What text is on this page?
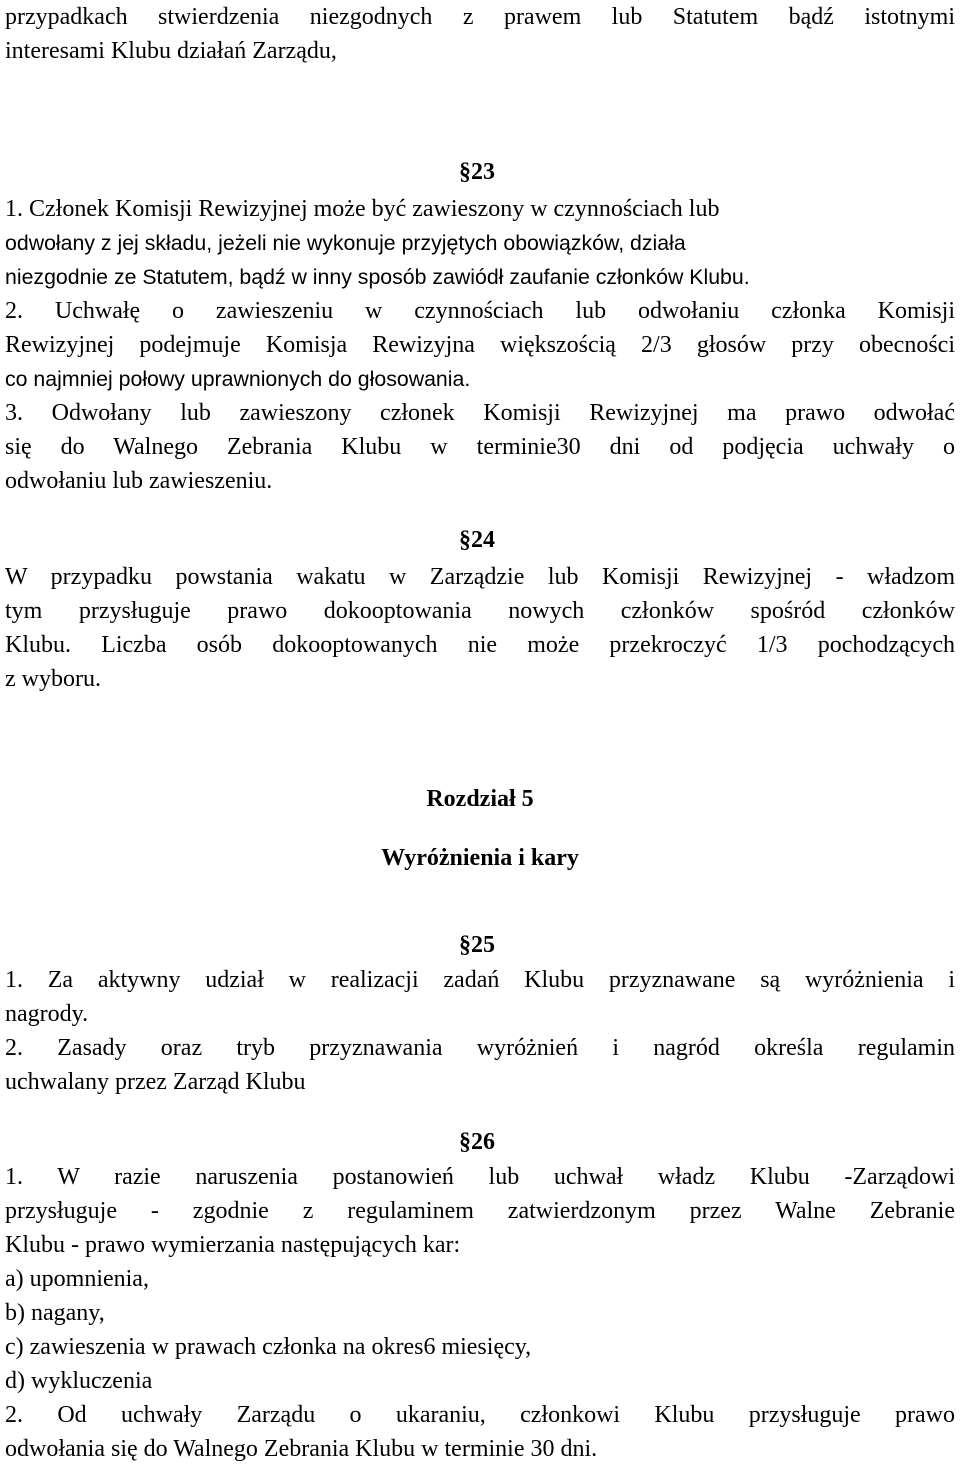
przypadkach stwierdzenia niezgodnych z prawem lub Statutem bądź istotnymi
interesami Klubu działań Zarządu,
§23
1. Członek Komisji Rewizyjnej może być zawieszony w czynnościach lub
odwołany z jej składu, jeżeli nie wykonuje przyjętych obowiązków, działa
niezgodnie ze Statutem, bądź w inny sposób zawiódł zaufanie członków Klubu.
2. Uchwałę o zawieszeniu w czynnościach lub odwołaniu członka Komisji
Rewizyjnej podejmuje Komisja Rewizyjna większością 2/3 głosów przy obecności
co najmniej połowy uprawnionych do głosowania.
3. Odwołany lub zawieszony członek Komisji Rewizyjnej ma prawo odwołać
się do Walnego Zebrania Klubu w terminie30 dni od podjęcia uchwały o
odwołaniu lub zawieszeniu.
§24
W przypadku powstania wakatu w Zarządzie lub Komisji Rewizyjnej - władzom
tym przysługuje prawo dokooptowania nowych członków spośród członków
Klubu. Liczba osób dokooptowanych nie może przekroczyć 1/3 pochodzących
z wyboru.
Rozdział 5
Wyróżnienia i kary
§25
1. Za aktywny udział w realizacji zadań Klubu przyznawane są wyróżnienia i
nagrody.
2. Zasady oraz tryb przyznawania wyróżnień i nagród określa regulamin
uchwalany przez Zarząd Klubu
§26
1. W razie naruszenia postanowień lub uchwał władz Klubu -Zarządowi
przysługuje - zgodnie z regulaminem zatwierdzonym przez Walne Zebranie
Klubu - prawo wymierzania następujących kar:
a) upomnienia,
b) nagany,
c) zawieszenia w prawach członka na okres6 miesięcy,
d) wykluczenia
2. Od uchwały Zarządu o ukaraniu, członkowi Klubu przysługuje prawo
odwołania się do Walnego Zebrania Klubu w terminie 30 dni.
